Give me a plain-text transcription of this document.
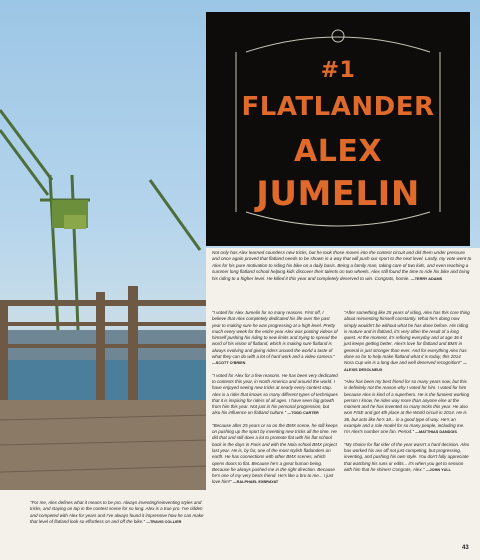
#1
FLATLANDER
ALEX
JUMELIN
Not only has Alex learned countless new tricks, but he took those moves into the contest circuit and did them under pressure and once again proved that flatland needs to be shown in a way that will push our sport to the next level. Lastly, my vote went to Alex for his pure motivation to riding his bike on a daily basis. Being a family man, taking care of two kids, and even teaching a summer long flatland school helping kids discover their talents on two wheels. Alex still found the time to ride his bike and bring his riding to a higher level. He killed it this year and completely deserved to win. Congrats, homie. —TERRY ADAMS

"I voted for Alex Jumelin for so many reasons. First off, I believe that Alex completely dedicated his life over the past year to making sure he was progressing at a high level. Pretty much every week for the entire year Alex was posting videos of himself pushing his riding to new limits and trying to spread the word of his vision of flatland, which is making sure flatland is always evolving and giving riders around the world a taste of what they can do with a lot of hard work and a video camera." —SCOTT O'BRIEN

"I voted for Alex for a few reasons. He has been very dedicated to contests this year, in North America and around the world. I have enjoyed seeing new tricks at nearly every contest stop. Alex is a rider that knows so many different types of techniques that it is inspiring for riders of all ages. I have seen big growth from him this year. Not just in his personal progression, but also his influence on flatland culture." —TODD CARTER

"Because after 25 years or so on the BMX scene, he still keeps on pushing up the sport by inventing new tricks all the time. He did that and still does a lot to promote flat with his flat school back in the days in Paris and with the Nola school BMX project last year. He is, by far, one of the most stylish flatlanders on earth. He has connections with other BMX scenes, which opens doors to flat. Because he's a great human being. Because he always pushed me in the right direction. Because he's one of my very bests friend. He's like a bro to me... I just love him!" —RALPHAEL EXBRAYAT

"After something like 25 years of riding, Alex has this core thing about reinventing himself constantly. What he's doing now simply wouldn't be without what he has done before. His riding is mature and in flatland, it's very often the result of a long quest. At the moment, it's refining everyday and at age 36 it just keeps getting better. Alex's love for flatland and BMX in general is just stronger than ever. And for everything Alex has done so far to help make flatland what it is today, this 2014 Nora Cup win is a long due and well deserved recognition!" —ALEXIS DESOLNEUX

"Alex has been my best friend for so many years now, but this is definitely not the reason why I voted for him. I voted for him because Alex is kind of a superhero. He is the funniest working person I know, he rides way more than anyone else at the moment and he has invented so many tricks this year. He also won FISE and got 4th place at the World circuit in 2014. He is 36, but acts like he's 18... in a good type of way. He's an example and a role model for so many people, including me. I'm Alex's number one fan. Period." —MATTHIAS DANDOIS

"My choice for flat rider of the year wasn't a hard decision. Alex has worked his ass off not just competing, but progressing, inventing, and pushing his own style. You don't fully appreciate that watching his runs or edits... it's when you get to session with him that he shines! Congrats, Alex." —JOHN YULL

"For me, Alex defines what it means to be pro. Always inventing/reinventing styles and tricks, and staying on top in the contest scene for so long. Alex is a true pro. I've ridden and competed with Alex for years and I've always found it impressive how he can make that level of flatland look so effortless on and off the bike." —TRAVIS COLLIER
43
